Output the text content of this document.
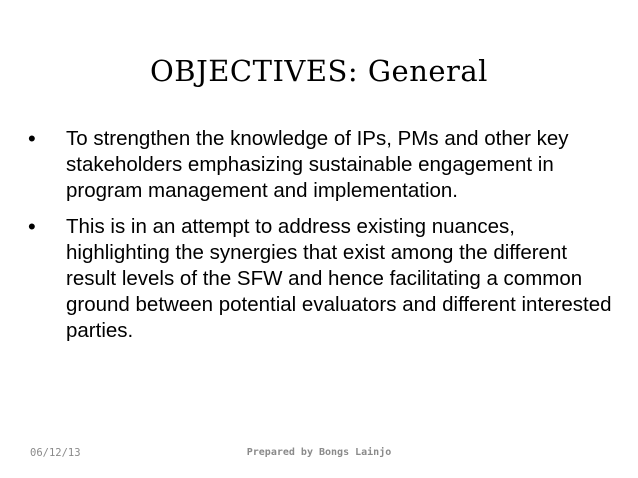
OBJECTIVES: General
• To strengthen the knowledge of IPs, PMs and other key stakeholders emphasizing sustainable engagement in program management and implementation.
• This is in an attempt to address existing nuances, highlighting the synergies that exist among the different result levels of the SFW and hence facilitating a common ground between potential evaluators and different interested parties.
06/12/13	Prepared by Bongs Lainjo
